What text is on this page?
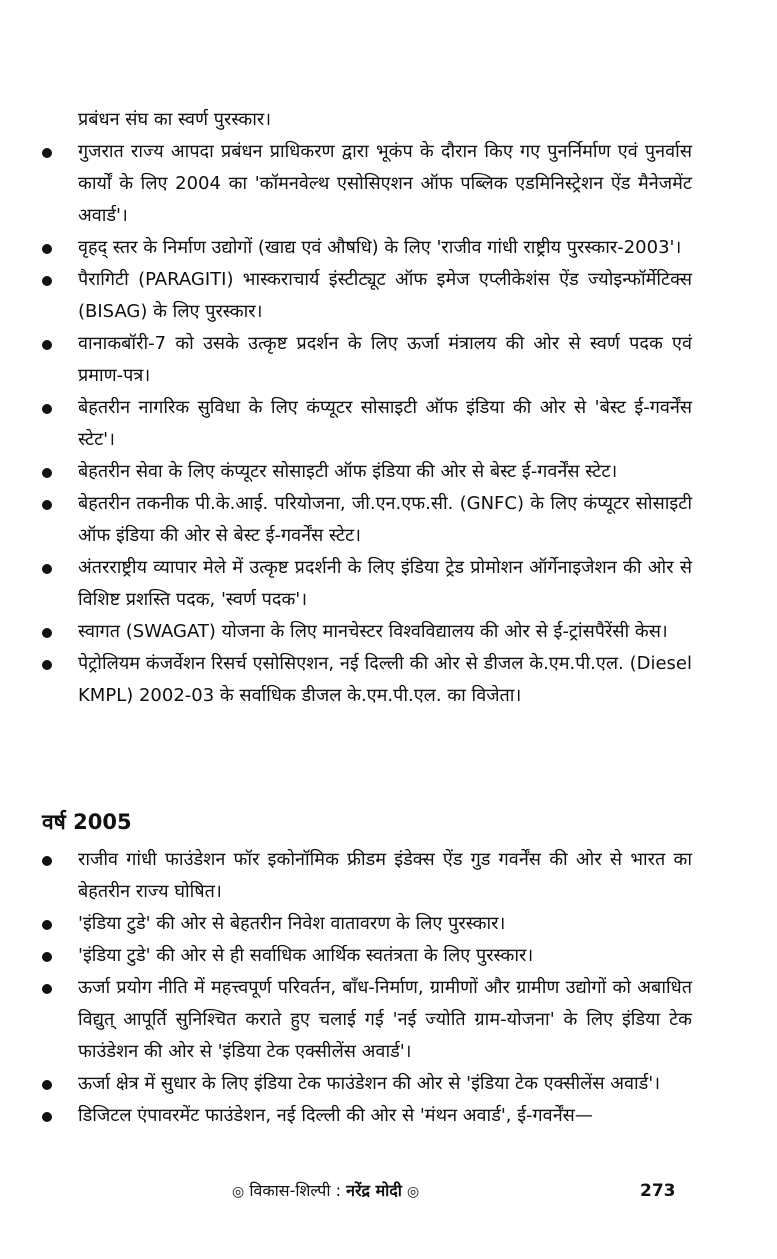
प्रबंधन संघ का स्वर्ण पुरस्कार।

गुजरात राज्य आपदा प्रबंधन प्राधिकरण द्वारा भूकंप के दौरान किए गए पुनर्निर्माण एवं पुनर्वास कार्यों के लिए 2004 का 'कॉमनवेल्थ एसोसिएशन ऑफ पब्लिक एडमिनिस्ट्रेशन ऐंड मैनेजमेंट अवार्ड'।
वृहद् स्तर के निर्माण उद्योगों (खाद्य एवं औषधि) के लिए 'राजीव गांधी राष्ट्रीय पुरस्कार-2003'।
पैरागिटी (PARAGITI) भास्कराचार्य इंस्टीट्यूट ऑफ इमेज एप्लीकेशंस ऐंड ज्योइन्फॉर्मेटिक्स (BISAG) के लिए पुरस्कार।
वानाकबॉरी-7 को उसके उत्कृष्ट प्रदर्शन के लिए ऊर्जा मंत्रालय की ओर से स्वर्ण पदक एवं प्रमाण-पत्र।
बेहतरीन नागरिक सुविधा के लिए कंप्यूटर सोसाइटी ऑफ इंडिया की ओर से 'बेस्ट ई-गवर्नेंस स्टेट'।
बेहतरीन सेवा के लिए कंप्यूटर सोसाइटी ऑफ इंडिया की ओर से बेस्ट ई-गवर्नेंस स्टेट।
बेहतरीन तकनीक पी.के.आई. परियोजना, जी.एन.एफ.सी. (GNFC) के लिए कंप्यूटर सोसाइटी ऑफ इंडिया की ओर से बेस्ट ई-गवर्नेंस स्टेट।
अंतरराष्ट्रीय व्यापार मेले में उत्कृष्ट प्रदर्शनी के लिए इंडिया ट्रेड प्रोमोशन ऑर्गेनाइजेशन की ओर से विशिष्ट प्रशस्ति पदक, 'स्वर्ण पदक'।
स्वागत (SWAGAT) योजना के लिए मानचेस्टर विश्वविद्यालय की ओर से ई-ट्रांसपैरेंसी केस।
पेट्रोलियम कंजर्वेशन रिसर्च एसोसिएशन, नई दिल्ली की ओर से डीजल के.एम.पी.एल. (Diesel KMPL) 2002-03 के सर्वाधिक डीजल के.एम.पी.एल. का विजेता।
वर्ष 2005
राजीव गांधी फाउंडेशन फॉर इकोनॉमिक फ्रीडम इंडेक्स ऐंड गुड गवर्नेंस की ओर से भारत का बेहतरीन राज्य घोषित।
'इंडिया टुडे' की ओर से बेहतरीन निवेश वातावरण के लिए पुरस्कार।
'इंडिया टुडे' की ओर से ही सर्वाधिक आर्थिक स्वतंत्रता के लिए पुरस्कार।
ऊर्जा प्रयोग नीति में महत्त्वपूर्ण परिवर्तन, बाँध-निर्माण, ग्रामीणों और ग्रामीण उद्योगों को अबाधित विद्युत् आपूर्ति सुनिश्चित कराते हुए चलाई गई 'नई ज्योति ग्राम-योजना' के लिए इंडिया टेक फाउंडेशन की ओर से 'इंडिया टेक एक्सीलेंस अवार्ड'।
ऊर्जा क्षेत्र में सुधार के लिए इंडिया टेक फाउंडेशन की ओर से 'इंडिया टेक एक्सीलेंस अवार्ड'।
डिजिटल एंपावरमेंट फाउंडेशन, नई दिल्ली की ओर से 'मंथन अवार्ड', ई-गवर्नेंस—
◎ विकास-शिल्पी : नरेंद्र मोदी ◎	273
